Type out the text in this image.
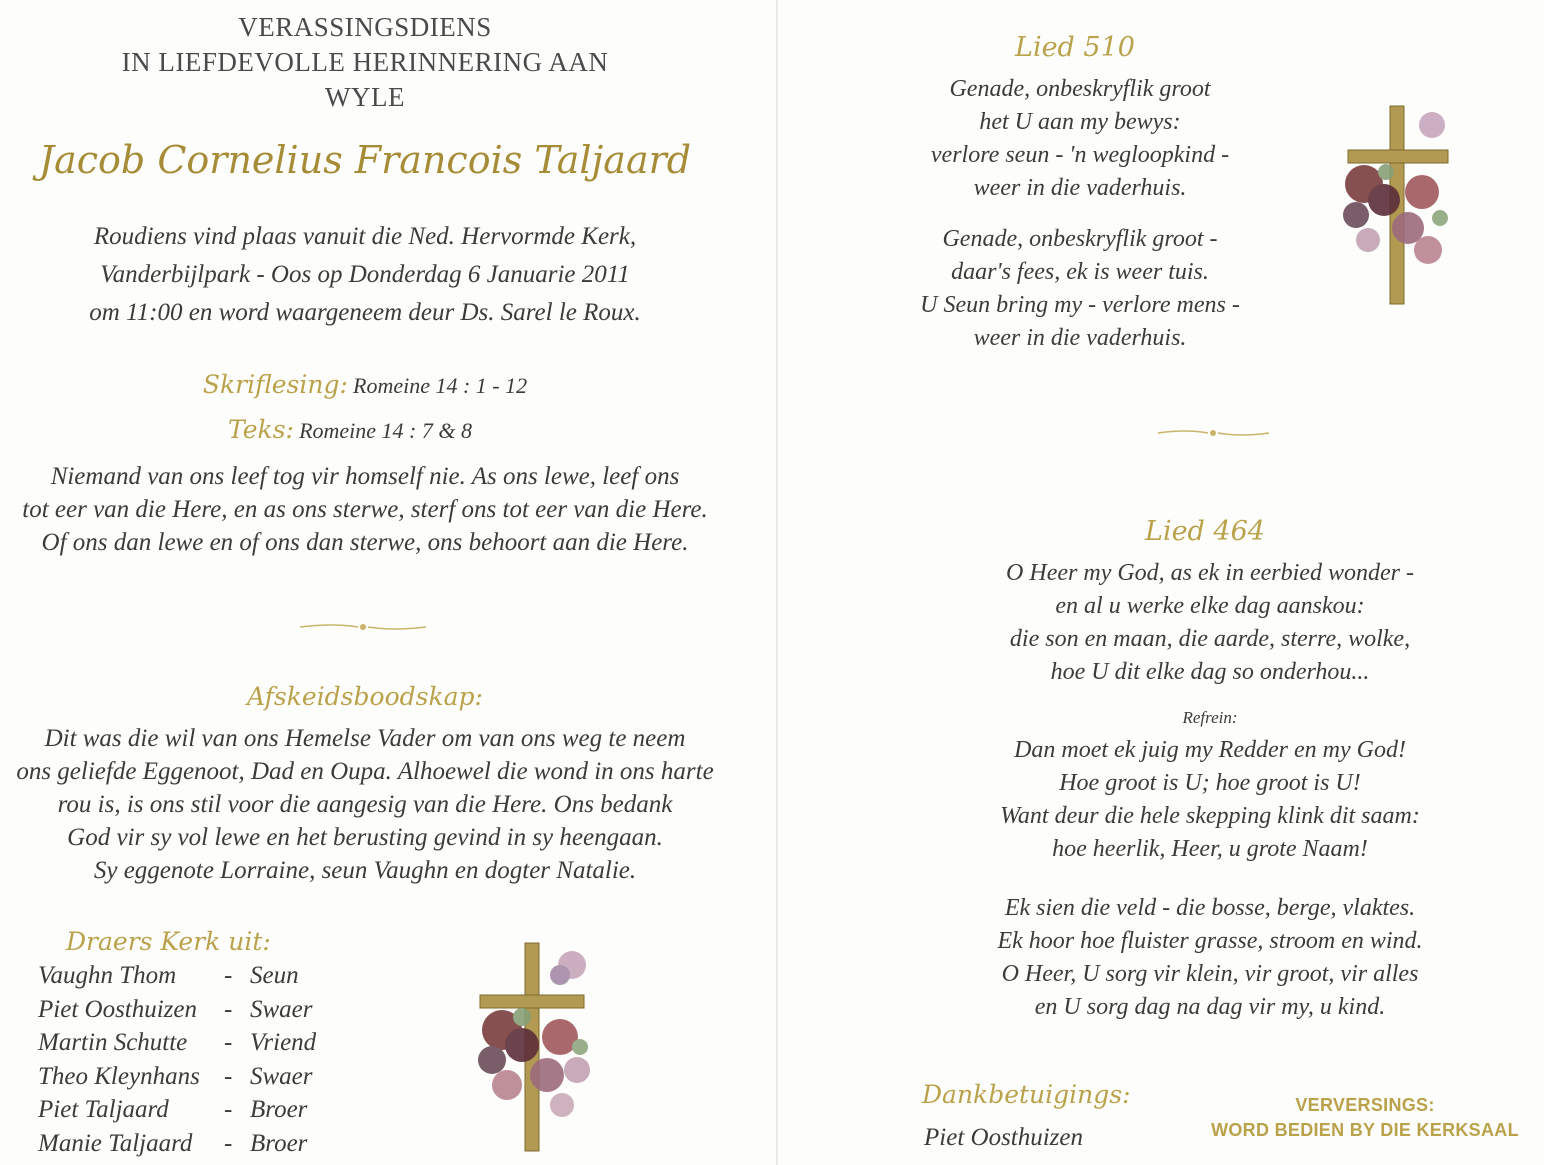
VERASSINGSDIENS
IN LIEFDEVOLLE HERINNERING AAN
WYLE
Jacob Cornelius Francois Taljaard
Roudiens vind plaas vanuit die Ned. Hervormde Kerk,
Vanderbijlpark - Oos op Donderdag 6 Januarie 2011
om 11:00 en word waargeneem deur Ds. Sarel le Roux.
Skriflesing: Romeine 14 : 1 - 12
Teks: Romeine 14 : 7 & 8
Niemand van ons leef tog vir homself nie. As ons lewe, leef ons
tot eer van die Here, en as ons sterwe, sterf ons tot eer van die Here.
Of ons dan lewe en of ons dan sterwe, ons behoort aan die Here.
Afskeidsboodskap:
Dit was die wil van ons Hemelse Vader om van ons weg te neem
ons geliefde Eggenoot, Dad en Oupa. Alhoewel die wond in ons harte
rou is, is ons stil voor die aangesig van die Here. Ons bedank
God vir sy vol lewe en het berusting gevind in sy heengaan.
Sy eggenote Lorraine, seun Vaughn en dogter Natalie.
Draers Kerk uit:
Vaughn Thom - Seun
Piet Oosthuizen - Swaer
Martin Schutte - Vriend
Theo Kleynhans - Swaer
Piet Taljaard - Broer
Manie Taljaard - Broer
Lied 510
Genade, onbeskryflik groot
het U aan my bewys:
verlore seun - 'n wegloopkind -
weer in die vaderhuis.
Genade, onbeskryflik groot -
daar's fees, ek is weer tuis.
U Seun bring my - verlore mens -
weer in die vaderhuis.
Lied 464
O Heer my God, as ek in eerbied wonder -
en al u werke elke dag aanskou:
die son en maan, die aarde, sterre, wolke,
hoe U dit elke dag so onderhou...
Refrein:
Dan moet ek juig my Redder en my God!
Hoe groot is U; hoe groot is U!
Want deur die hele skepping klink dit saam:
hoe heerlik, Heer, u grote Naam!
Ek sien die veld - die bosse, berge, vlaktes.
Ek hoor hoe fluister grasse, stroom en wind.
O Heer, U sorg vir klein, vir groot, vir alles
en U sorg dag na dag vir my, u kind.
Dankbetuigings:
Piet Oosthuizen
VERVERSINGS:
WORD BEDIEN BY DIE KERKSAAL
